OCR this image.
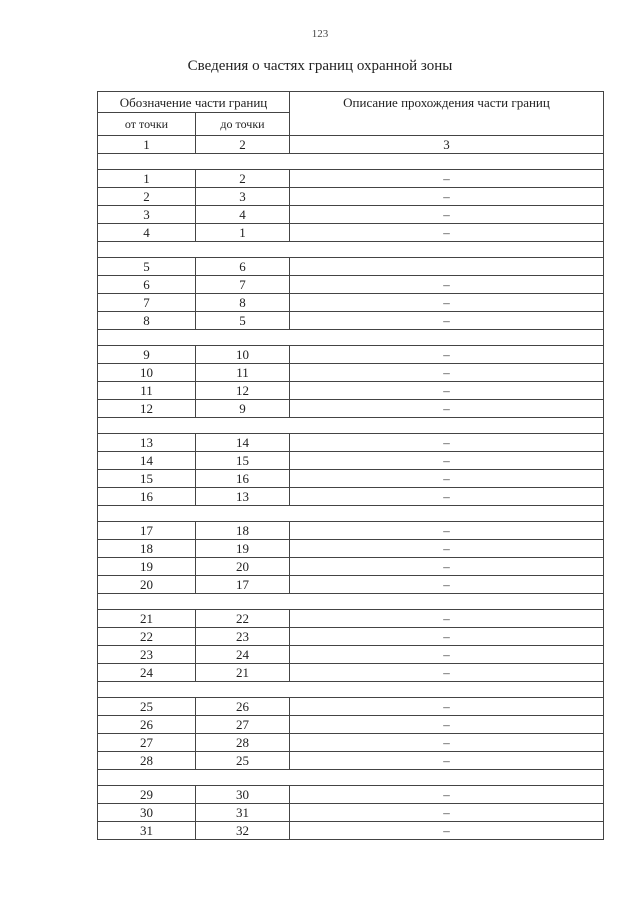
123
Сведения о частях границ охранной зоны
Обозначение части границ		Описание прохождения части границ
от точки	до точки	
1	2	3

1	2	–
2	3	–
3	4	–
4	1	–

5	6	
6	7	–
7	8	–
8	5	–

9	10	–
10	11	–
11	12	–
12	9	–

13	14	–
14	15	–
15	16	–
16	13	–

17	18	–
18	19	–
19	20	–
20	17	–

21	22	–
22	23	–
23	24	–
24	21	–

25	26	–
26	27	–
27	28	–
28	25	–

29	30	–
30	31	–
31	32	–
